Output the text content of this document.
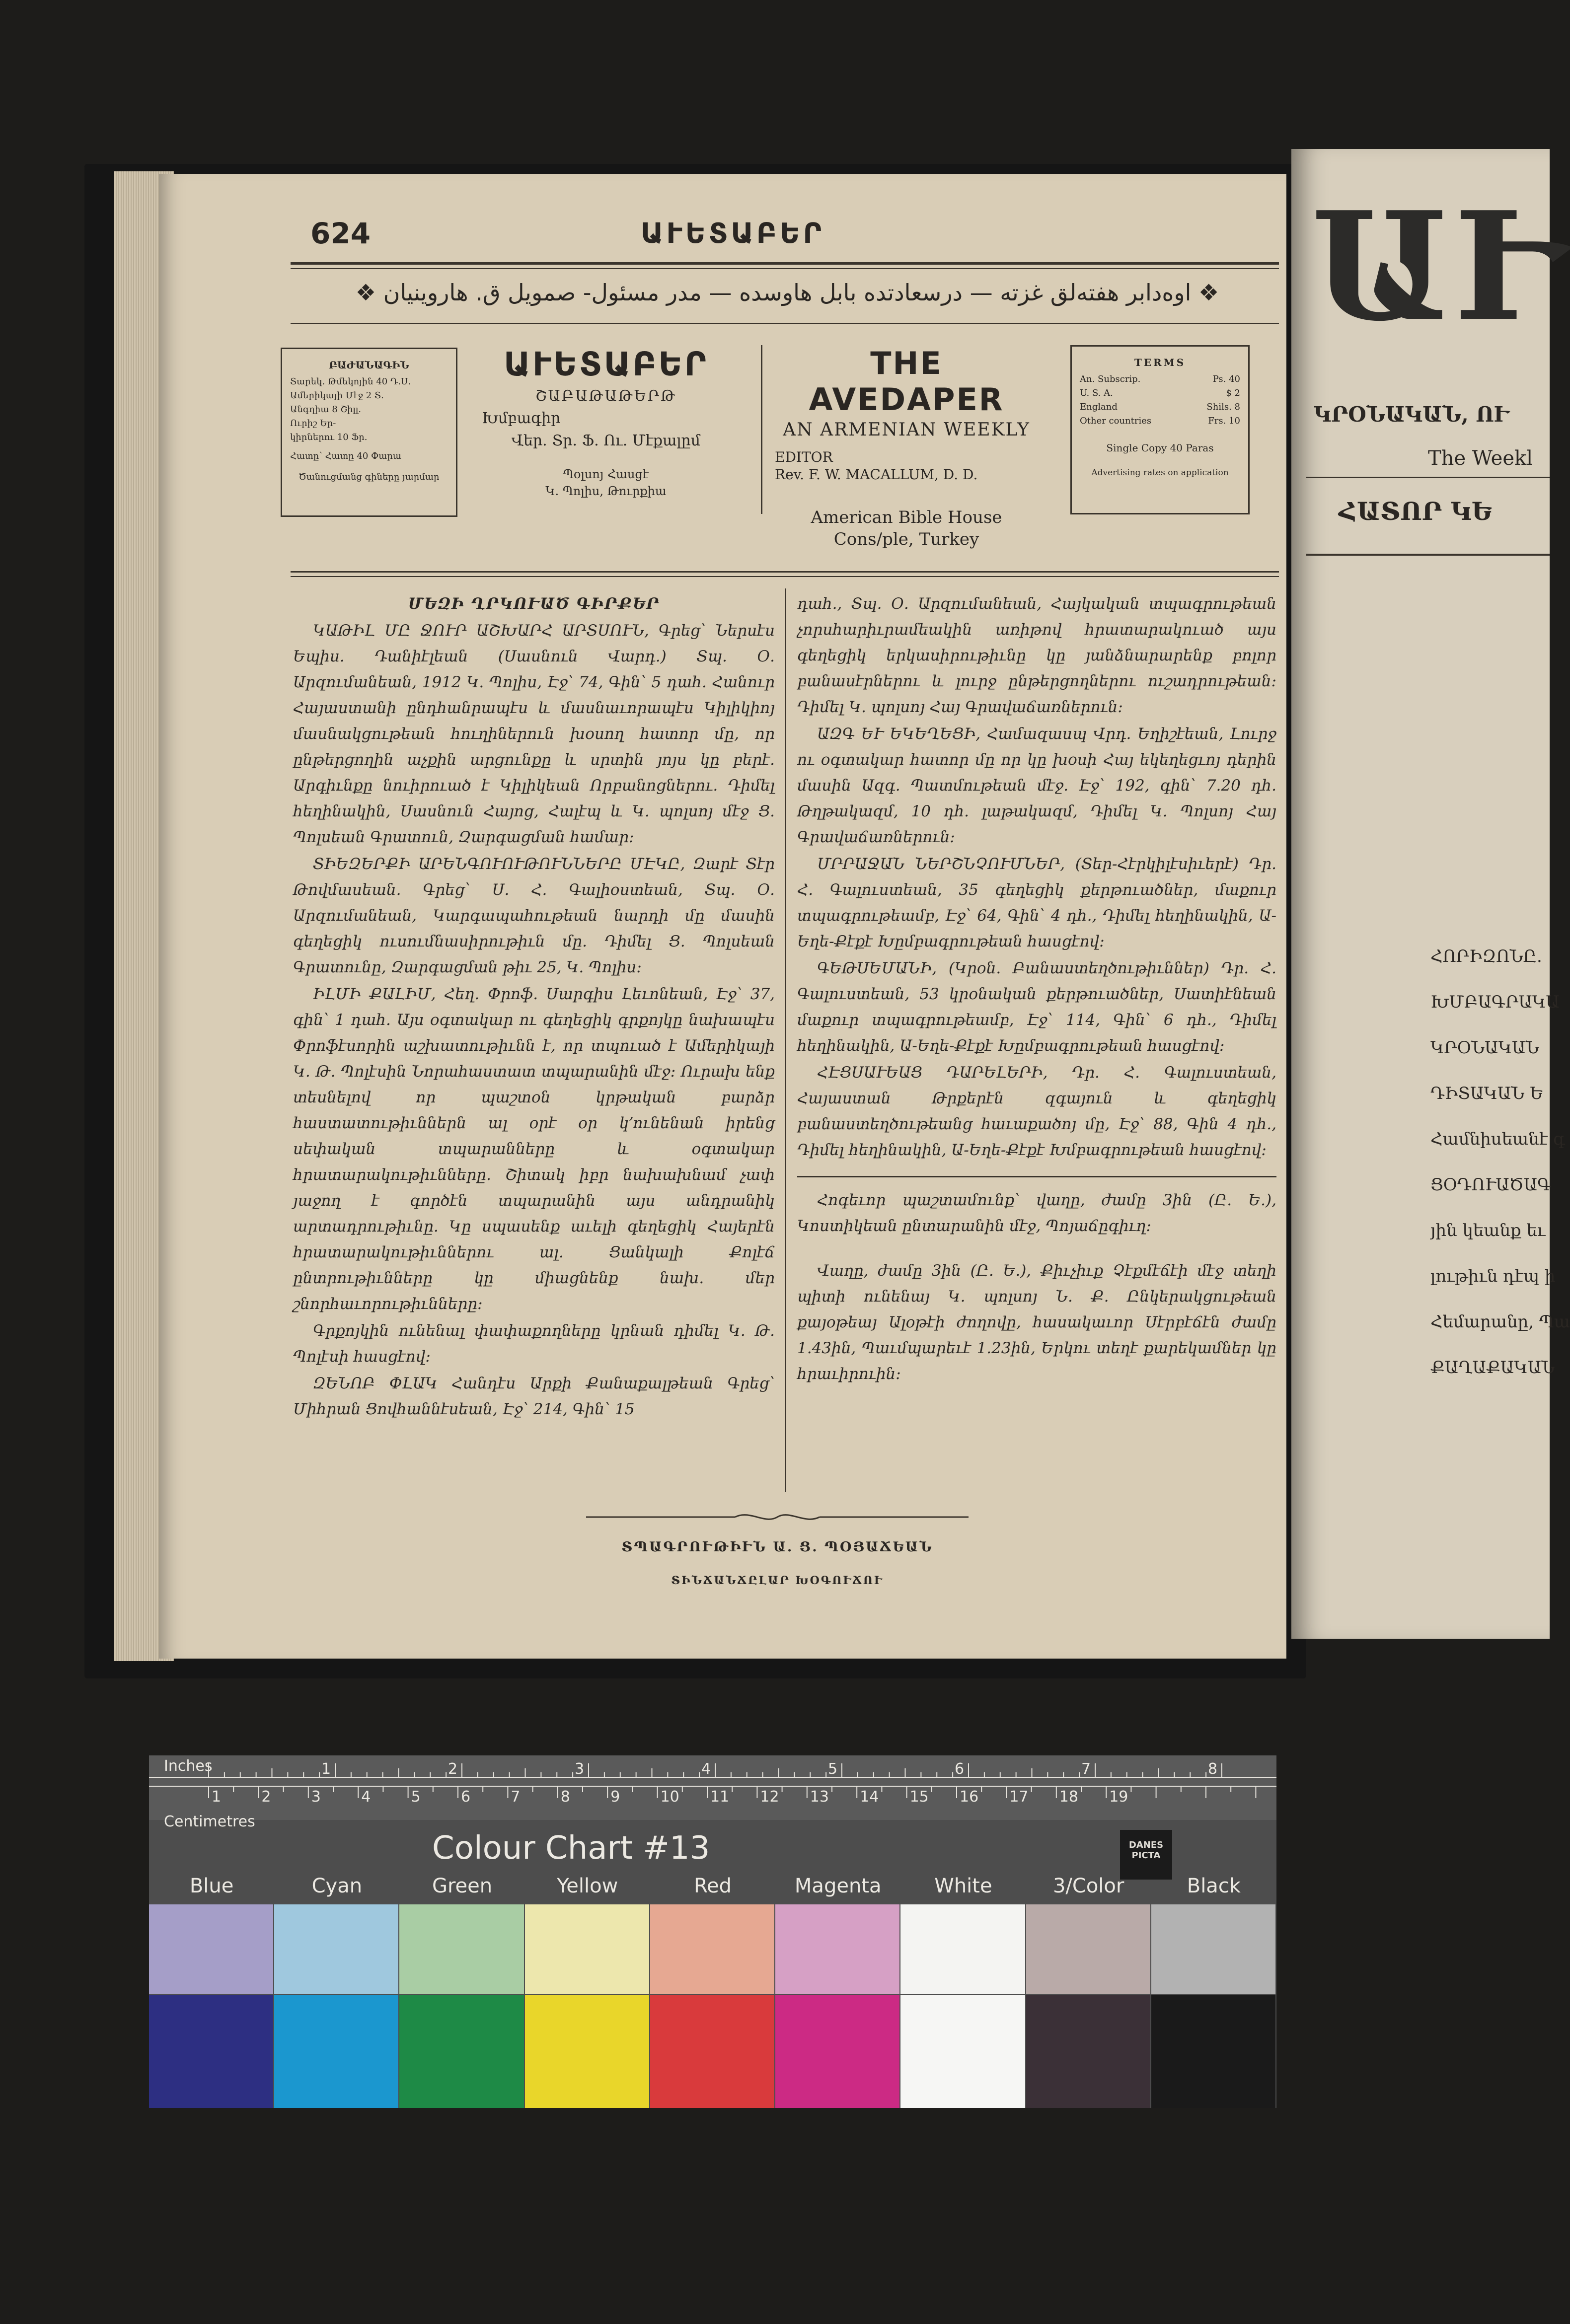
624	ԱՒԵՏԱԲԵՐ
❖ اوه‌دابر هفته‌لق غزته — درسعادتده بابل هاوسده — مدر مسئول- صمویل ق. هاروینیان ❖
ԲԱԺԱՆԱԳԻՆ
Տարեկ. Թմեկոյին 40 Դ.Ս.
Ամերիկայի Մէջ 2 Տ.
Անգղիա 8 Շիլլ.
Ուրիշ Եր-
կիրներու 10 Ֆր.
Հատը՝ Հատը 40 Փարա
Ծանուցմանց գիները յարմար
ԱՒԵՏԱԲԵՐ
ՇԱԲԱԹԱԹԵՐԹ
Խմբագիր
Վեր. Տր. Ֆ. Ու. Մէքալըմ
Պօլսոյ Հասցէ
Կ. Պոլիս, Թուրքիա
THE AVEDAPER
AN ARMENIAN WEEKLY
EDITOR
Rev. F. W. MACALLUM, D. D.
American Bible House
Cons/ple, Turkey
TERMS
An. Subscrip.	Ps. 40
U. S. A.	$ 2
England	Shils. 8
Other countries	Frs. 10
Single Copy 40 Paras
Advertising rates on application

ՄԵԶԻ ՂՐԿՈՒԱԾ ԳԻՐՔԵՐ

ԿԱԹԻԼ ՄԸ ՋՈՒՐ ԱՇԽԱՐՀ ԱՐՏՍՈՒՆ, Գրեց՝ Ներսէս Եպիս. Դանիէլեան (Սասնուն Վարդ.) Տպ. Օ. Արզումանեան, 1912 Կ. Պոլիս, Էջ՝ 74, Գին՝ 5 դահ. Հանուր Հայաստանի ընդհանրապէս և մասնաւորապէս Կիլիկիոյ մասնակցութեան հուղիներուն խօսող հատոր մը, որ ընթերցողին աչքին արցունքը և սրտին յոյս կը բերէ. Արգիւնքը նուիրուած է Կիլիկեան Որբանոցներու. Դիմել հեղինակին, Սասնուն Հայոց, Հալէպ և Կ. պոլսոյ մէջ Ց. Պոլսեան Գրատուն, Զարգացման համար։

ՏԻԵԶԵՐՔԻ ԱՐԵՆԳՈՒՈՒԹՈՒՆՆԵՐԸ ՄԷԿԸ, Զարէ Տէր Թովմասեան. Գրեց՝ Ս. Հ. Գալիօստեան, Տպ. Օ. Արզումանեան, Կարգապահութեան նարդի մը մասին գեղեցիկ ուսումնասիրութիւն մը. Դիմել Ց. Պոլսեան Գրատունը, Զարգացման թիւ 25, Կ. Պոլիս։

ԻԼՄԻ ՔԱԼԻՄ, Հեղ. Փրոֆ. Սարգիս Լեւոնեան, Էջ՝ 37, գին՝ 1 դահ. Այս օգտակար ու գեղեցիկ գրքոյկը նախապէս Փրոֆէսորին աշխատութիւնն է, որ տպուած է Ամերիկայի Կ. Թ. Պոլէսին Նորահաստատ տպարանին մէջ։ Ուրախ ենք տեսնելով որ պաշտօն կրթական բարձր հաստատութիւններն ալ օրէ օր կ՚ունենան իրենց սեփական տպարանները և օգտակար հրատարակութիւնները. Շիտակ իբր նախախնամ չափ յաջող է գործէն տպարանին այս անդրանիկ արտադրութիւնը. Կը սպասենք աւելի գեղեցիկ Հայերէն հրատարակութիւններու ալ. Ցանկալի Քոլէճ ընտրութիւնները կը միացնենք նախ. մեր շնորհաւորութիւնները։

Գրքոյկին ունենալ փափաքողները կրնան դիմել Կ. Թ. Պոլէսի հասցէով։

ԶԵՆՈԲ ՓԼԱԿ Հանդէս Արքի Քանաքալթեան Գրեց՝ Միհրան Ցովհաննէսեան, Էջ՝ 214, Գին՝ 15

դահ., Տպ. Օ. Արզումանեան, Հայկական տպագրութեան չորսհարիւրամեակին առիթով հրատարակուած այս գեղեցիկ երկասիրութիւնը կը յանձնարարենք բոլոր բանասէրներու և լուրջ ընթերցողներու ուշադրութեան։ Դիմել Կ. պոլսոյ Հայ Գրավաճառներուն։

ԱԶԳ ԵՒ ԵԿԵՂԵՑԻ, Համազասպ Վրդ. Եղիշէեան, Լուրջ ու օգտակար հատոր մը որ կը խօսի Հայ եկեղեցւոյ դերին մասին Ազգ. Պատմութեան մէջ. Էջ՝ 192, գին՝ 7.20 դհ. Թղթակազմ, 10 դհ. լաթակազմ, Դիմել Կ. Պոլսոյ Հայ Գրավաճառներուն։

ՄՐՐԱՋԱՆ ՆԵՐՇՆՉՈՒՄՆԵՐ, (Տեր-Հէրկիլէսիւերէ) Դր. Հ. Գալուստեան, 35 գեղեցիկ քերթուածներ, մաքուր տպագրութեամբ, Էջ՝ 64, Գին՝ 4 դհ., Դիմել հեղինակին, Ա-Եղե-Քէքէ Խըմբագրութեան հասցէով։

ԳԵԹՍԵՄԱՆԻ, (Կրօն. Բանաստեղծութիւններ) Դր. Հ. Գալուստեան, 53 կրօնական քերթուածներ, Սատիէնեան մաքուր տպագրութեամբ, Էջ՝ 114, Գին՝ 6 դհ., Դիմել հեղինակին, Ա-Եղե-Քէքէ Խըմբագրութեան հասցէով։

ՀԷՑՍԱՒԵԱՑ ԴԱՐԵԼԵՐԻ, Դր. Հ. Գալուստեան, Հայաստան Թրքերէն զգայուն և գեղեցիկ բանաստեղծութեանց հաւաքածոյ մը, Էջ՝ 88, Գին 4 դհ., Դիմել հեղինակին, Ա-Եղե-Քէքէ Խմբագրութեան հասցէով։

Հոգեւոր պաշտամունք՝ վաղը, ժամը 3ին (Ը. Ե.), Կոստիկեան ընտարանին մէջ, Պոյաճըգիւղ։

Վաղը, ժամը 3ին (Ը. Ե.), Քիւչիւք Չէքմէճէի մէջ տեղի պիտի ունենայ Կ. պոլսոյ Ն. Ք. Ընկերակցութեան քայօթեայ Ալօթէի ժողովը, հասակաւոր Սէրբէճէն ժամը 1.43ին, Պաւմպարեւէ 1.23ին, Երկու տեղէ քարեկամներ կը հրաւիրուին։

ՏՊԱԳՐՈՒԹԻՒՆ Ա. Ց. ՊՕՅԱՃԵԱՆ
ՏԻՆՃԱՆՃԸԼԱՐ ԽՕԳՈՒՃՈՒ
ԱՒ
ԿՐՕՆԱԿԱՆ, ՈՒ
The Weekl
ՀԱՏՈՐ ԿԵ
ՀՈՐԻԶՈՆԸ.
ԽՄԲԱԳՐԱԿԱ
ԿՐՕՆԱԿԱՆ
ԴԻՏԱԿԱՆ Ե
Համնիսեանէ գ
ՑՕԴՈՒԱԾԱԳ
յին կեանք եւ
լութիւն դէպ ի
Հեմարանը, Պա
ՔԱՂԱՔԱԿԱՆ
Inches
Centimetres
1	2	3	4	5	6	7	8
1	2	3	4	5	6	7	8	9	10 11 12 13 14 15 16 17 18 19
Colour Chart #13	DANES PICTA
Blue	Cyan	Green	Yellow	Red	Magenta	White	3/Color	Black
